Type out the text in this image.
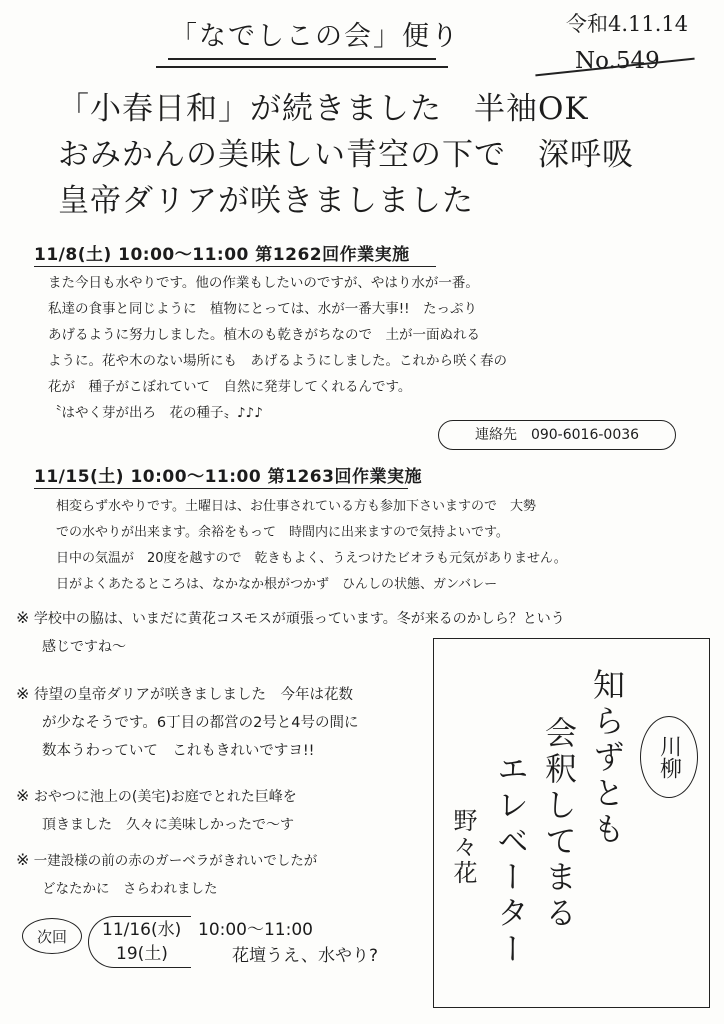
「なでしこの会」便り	令和4.11.14
No.549
「小春日和」が続きました　半袖OK
おみかんの美味しい青空の下で　深呼吸
皇帝ダリアが咲きましました
11/8(土) 10:00～11:00 第1262回作業実施
また今日も水やりです。他の作業もしたいのですが、やはり水が一番。
私達の食事と同じように　植物にとっては、水が一番大事!!　たっぷり
あげるように努力しました。植木のも乾きがちなので　土が一面ぬれる
ように。花や木のない場所にも　あげるようにしました。これから咲く春の
花が　種子がこぼれていて　自然に発芽してくれるんです。
〝はやく芽が出ろ　花の種子〟♪♪♪
連絡先　090-6016-0036
11/15(土) 10:00～11:00 第1263回作業実施
相変らず水やりです。土曜日は、お仕事されている方も参加下さいますので　大勢
での水やりが出来ます。余裕をもって　時間内に出来ますので気持よいです。
日中の気温が　20度を越すので　乾きもよく、うえつけたビオラも元気がありません。
日がよくあたるところは、なかなか根がつかず　ひんしの状態、ガンバレー
※ 学校中の脇は、いまだに黄花コスモスが頑張っています。冬が来るのかしら？という
感じですね～
※ 待望の皇帝ダリアが咲きましました　今年は花数
が少なそうです。6丁目の都営の2号と4号の間に
数本うわっていて　これもきれいですヨ!!
※ おやつに池上の(美宅)お庭でとれた巨峰を
頂きました　久々に美味しかったで～す
※ 一建設様の前の赤のガーベラがきれいでしたが
どなたかに　さらわれました
川柳
知らずとも
会釈してまる
エレベーター
野々花
次回 11/16(水)
19(土)
10:00～11:00
花壇うえ、水やり?
